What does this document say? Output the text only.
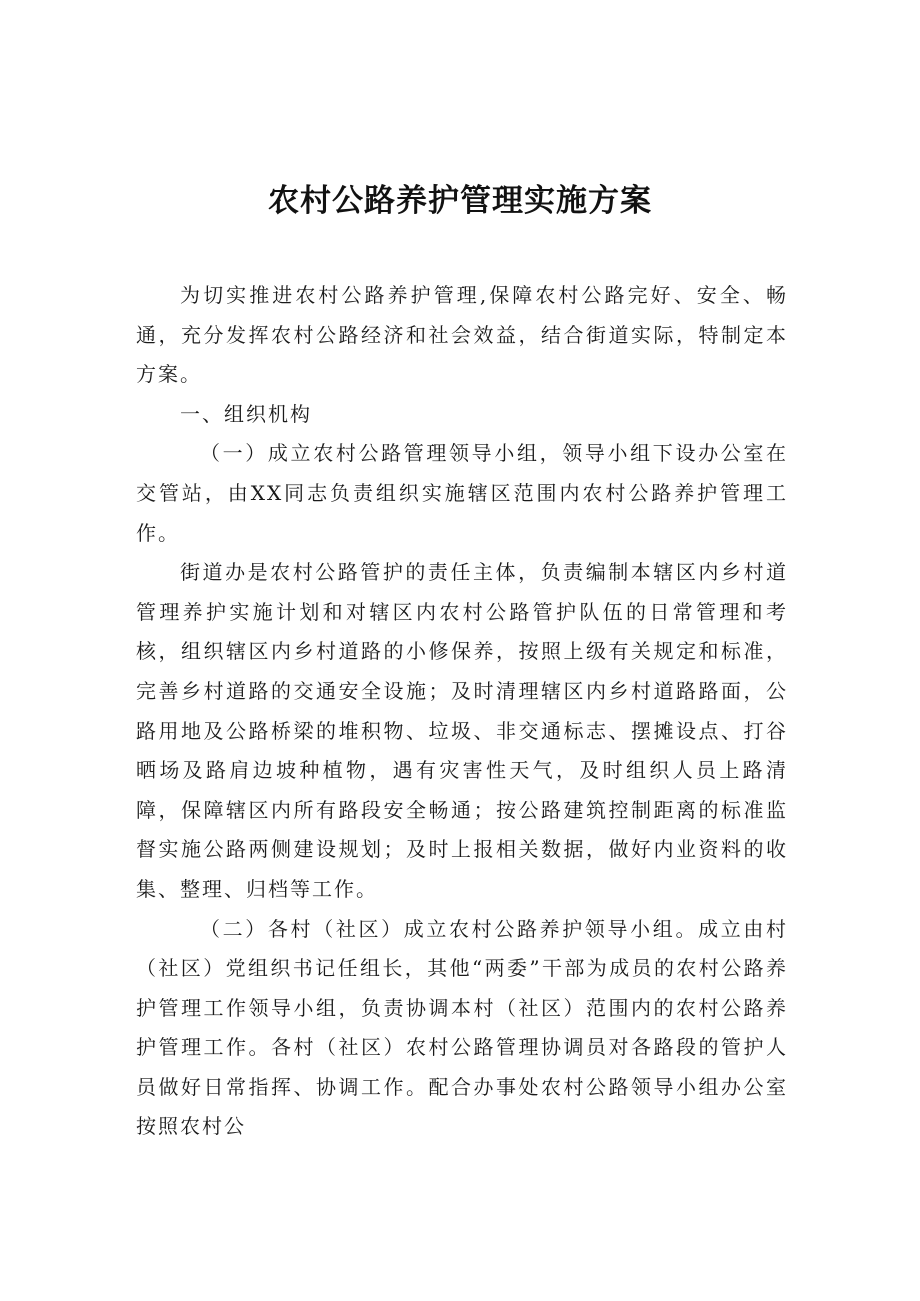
农村公路养护管理实施方案

为切实推进农村公路养护管理,保障农村公路完好、安全、畅通，充分发挥农村公路经济和社会效益，结合街道实际，特制定本方案。

一、组织机构

（一）成立农村公路管理领导小组，领导小组下设办公室在交管站，由XX同志负责组织实施辖区范围内农村公路养护管理工作。

街道办是农村公路管护的责任主体，负责编制本辖区内乡村道管理养护实施计划和对辖区内农村公路管护队伍的日常管理和考核，组织辖区内乡村道路的小修保养，按照上级有关规定和标准，完善乡村道路的交通安全设施；及时清理辖区内乡村道路路面，公路用地及公路桥梁的堆积物、垃圾、非交通标志、摆摊设点、打谷晒场及路肩边坡种植物，遇有灾害性天气，及时组织人员上路清障，保障辖区内所有路段安全畅通；按公路建筑控制距离的标准监督实施公路两侧建设规划；及时上报相关数据，做好内业资料的收集、整理、归档等工作。

（二）各村（社区）成立农村公路养护领导小组。成立由村（社区）党组织书记任组长，其他“两委”干部为成员的农村公路养护管理工作领导小组，负责协调本村（社区）范围内的农村公路养护管理工作。各村（社区）农村公路管理协调员对各路段的管护人员做好日常指挥、协调工作。配合办事处农村公路领导小组办公室按照农村公
